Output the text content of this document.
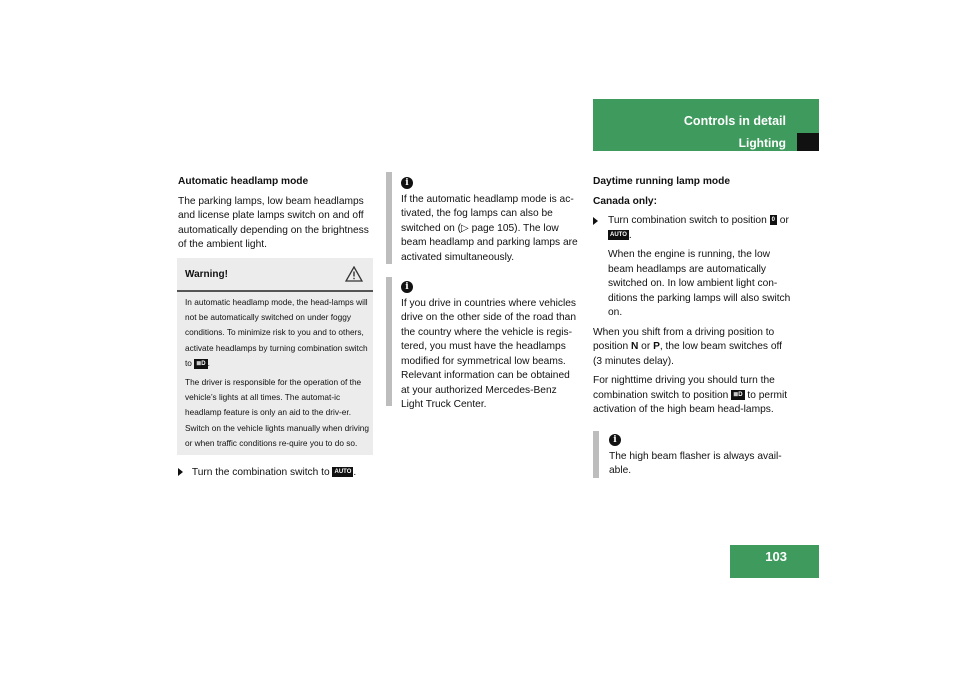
Controls in detail
Lighting

Automatic headlamp mode

The parking lamps, low beam headlamps and license plate lamps switch on and off automatically depending on the brightness of the ambient light.

Warning!

In automatic headlamp mode, the head-lamps will not be automatically switched on under foggy conditions. To minimize risk to you and to others, activate headlamps by turning combination switch to ≣D .

The driver is responsible for the operation of the vehicle’s lights at all times. The automat-ic headlamp feature is only an aid to the driv-er. Switch on the vehicle lights manually when driving or when traffic conditions re-quire you to do so.

Turn the combination switch to AUTO .
i

If the automatic headlamp mode is ac-tivated, the fog lamps can also be switched on (▷ page 105). The low beam headlamp and parking lamps are activated simultaneously.

i

If you drive in countries where vehicles drive on the other side of the road than the country where the vehicle is regis-tered, you must have the headlamps modified for symmetrical low beams. Relevant information can be obtained at your authorized Mercedes-Benz Light Truck Center.

Daytime running lamp mode

Canada only:

Turn combination switch to position 0 or AUTO .

When the engine is running, the low beam headlamps are automatically switched on. In low ambient light con-ditions the parking lamps will also switch on.

When you shift from a driving position to position N or P, the low beam switches off (3 minutes delay).

For nighttime driving you should turn the combination switch to position ≣D to permit activation of the high beam head-lamps.

i

The high beam flasher is always avail-able.

103
